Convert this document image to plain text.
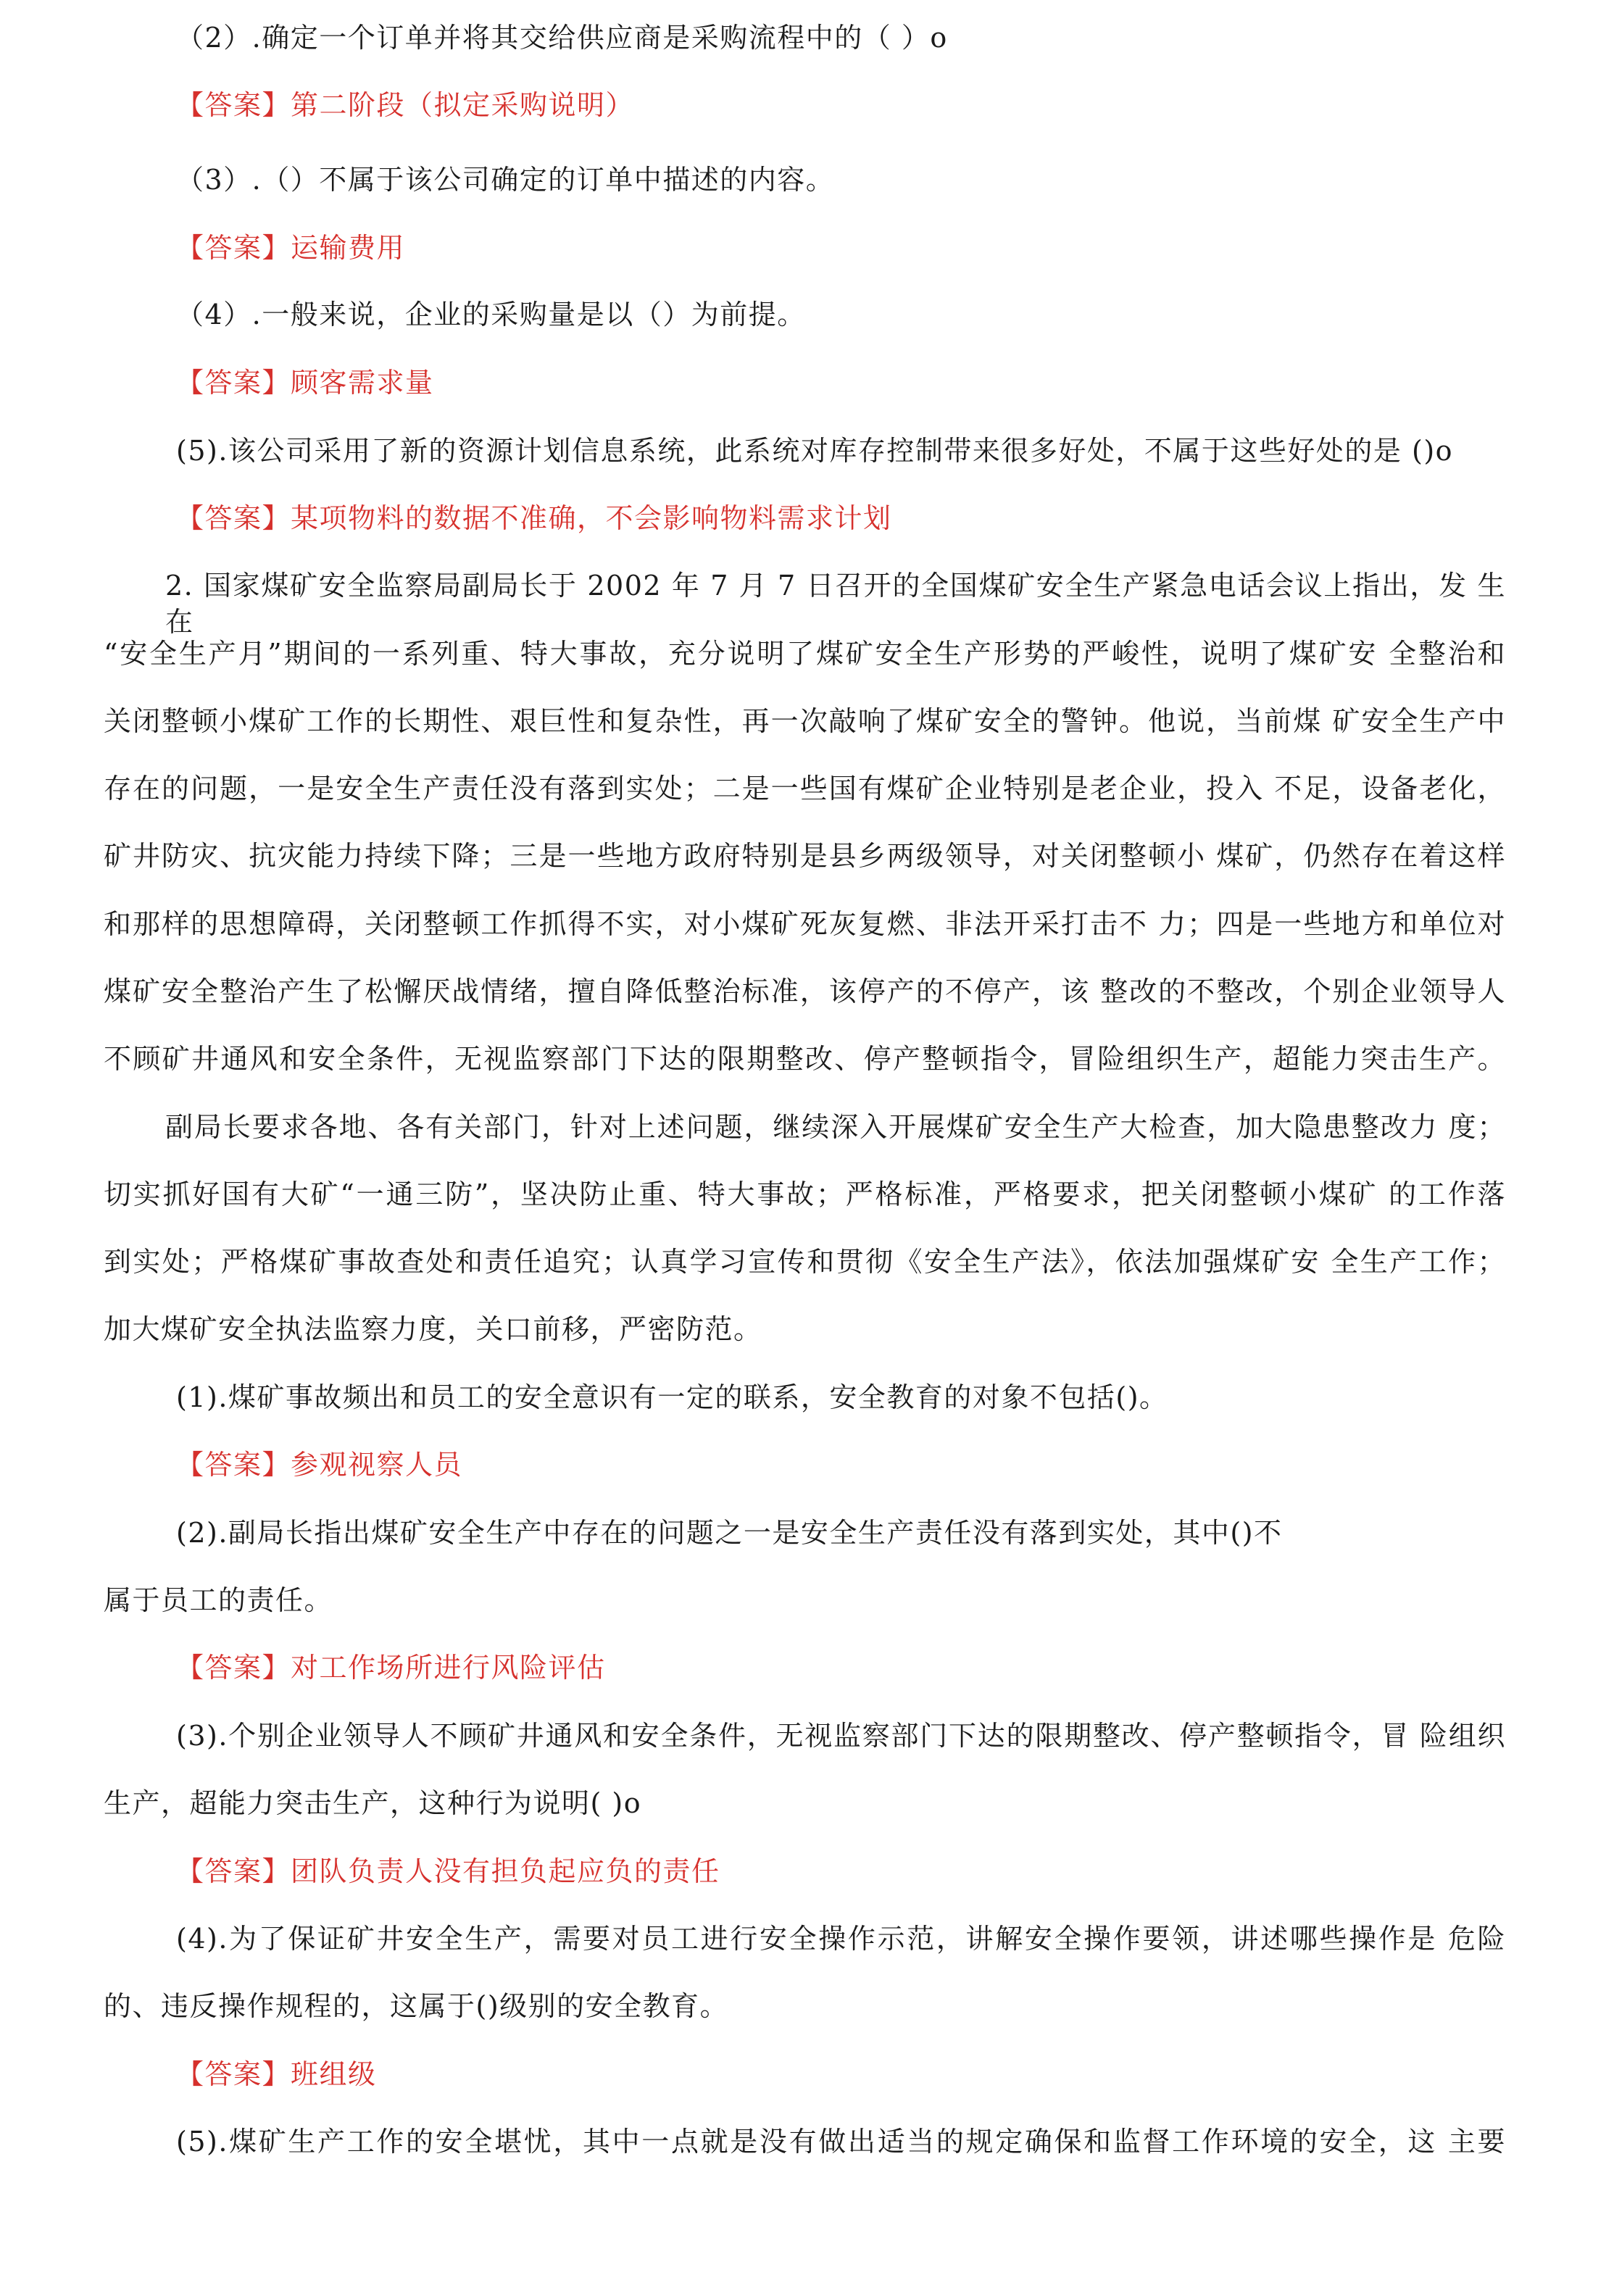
（2）.确定一个订单并将其交给供应商是采购流程中的（ ）o
【答案】第二阶段（拟定采购说明）
（3）.（）不属于该公司确定的订单中描述的内容。
【答案】运输费用
（4）.一般来说，企业的采购量是以（）为前提。
【答案】顾客需求量
(5).该公司采用了新的资源计划信息系统，此系统对库存控制带来很多好处，不属于这些好处的是 ()o
【答案】某项物料的数据不准确，不会影响物料需求计划
2. 国家煤矿安全监察局副局长于 2002 年 7 月 7 日召开的全国煤矿安全生产紧急电话会议上指出，发 生在
“安全生产月”期间的一系列重、特大事故，充分说明了煤矿安全生产形势的严峻性，说明了煤矿安 全整治和
关闭整顿小煤矿工作的长期性、艰巨性和复杂性，再一次敲响了煤矿安全的警钟。他说，当前煤 矿安全生产中
存在的问题，一是安全生产责任没有落到实处；二是一些国有煤矿企业特别是老企业，投入 不足，设备老化，
矿井防灾、抗灾能力持续下降；三是一些地方政府特别是县乡两级领导，对关闭整顿小 煤矿，仍然存在着这样
和那样的思想障碍，关闭整顿工作抓得不实，对小煤矿死灰复燃、非法开采打击不 力；四是一些地方和单位对
煤矿安全整治产生了松懈厌战情绪，擅自降低整治标准，该停产的不停产，该 整改的不整改，个别企业领导人
不顾矿井通风和安全条件，无视监察部门下达的限期整改、停产整顿指令，冒险组织生产，超能力突击生产。
副局长要求各地、各有关部门，针对上述问题，继续深入开展煤矿安全生产大检查，加大隐患整改力 度；
切实抓好国有大矿“一通三防”，坚决防止重、特大事故；严格标准，严格要求，把关闭整顿小煤矿 的工作落
到实处；严格煤矿事故查处和责任追究；认真学习宣传和贯彻《安全生产法》，依法加强煤矿安 全生产工作；
加大煤矿安全执法监察力度，关口前移，严密防范。
(1).煤矿事故频出和员工的安全意识有一定的联系，安全教育的对象不包括()。
【答案】参观视察人员
(2).副局长指出煤矿安全生产中存在的问题之一是安全生产责任没有落到实处，其中()不
属于员工的责任。
【答案】对工作场所进行风险评估
(3).个别企业领导人不顾矿井通风和安全条件，无视监察部门下达的限期整改、停产整顿指令，冒 险组织
生产，超能力突击生产，这种行为说明( )o
【答案】团队负责人没有担负起应负的责任
(4).为了保证矿井安全生产，需要对员工进行安全操作示范，讲解安全操作要领，讲述哪些操作是 危险
的、违反操作规程的，这属于()级别的安全教育。
【答案】班组级
(5).煤矿生产工作的安全堪忧，其中一点就是没有做出适当的规定确保和监督工作环境的安全，这 主要
